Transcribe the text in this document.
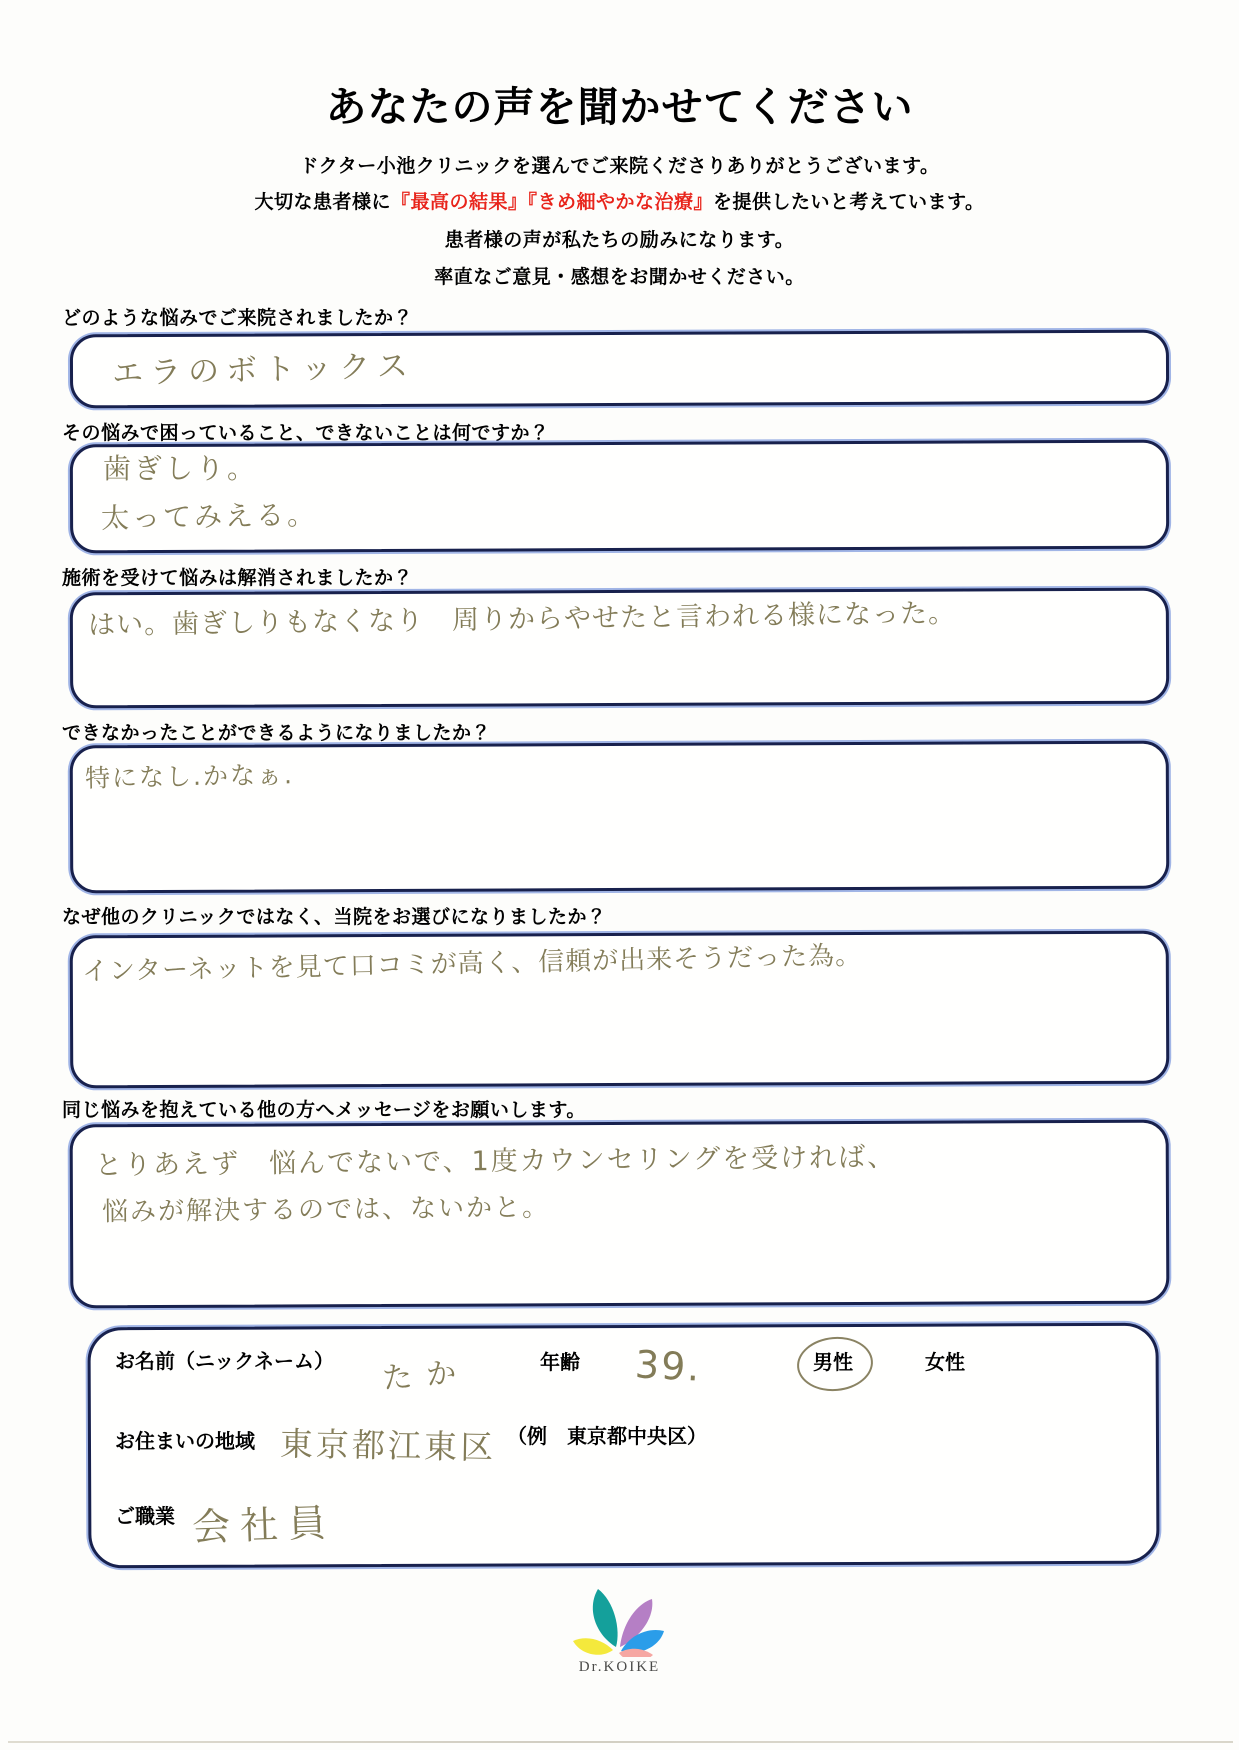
あなたの声を聞かせてください
ドクター小池クリニックを選んでご来院くださりありがとうございます。
大切な患者様に『最高の結果』『きめ細やかな治療』を提供したいと考えています。
患者様の声が私たちの励みになります。
率直なご意見・感想をお聞かせください。
どのような悩みでご来院されましたか？
エラのボトックス
その悩みで困っていること、できないことは何ですか？
歯ぎしり。
太ってみえる。
施術を受けて悩みは解消されましたか？
はい。歯ぎしりもなくなり　周りからやせたと言われる様になった。
できなかったことができるようになりましたか？
特になし.かなぁ.
なぜ他のクリニックではなく、当院をお選びになりましたか？
インターネットを見て口コミが高く、信頼が出来そうだった為。
同じ悩みを抱えている他の方へメッセージをお願いします。
とりあえず　悩んでないで、1度カウンセリングを受ければ、
悩みが解決するのでは、ないかと。
お名前（ニックネーム） たか	年齢 39.	男性	女性
お住まいの地域 東京都江東区 （例　東京都中央区）
ご職業 会社員
Dr.KOIKE
